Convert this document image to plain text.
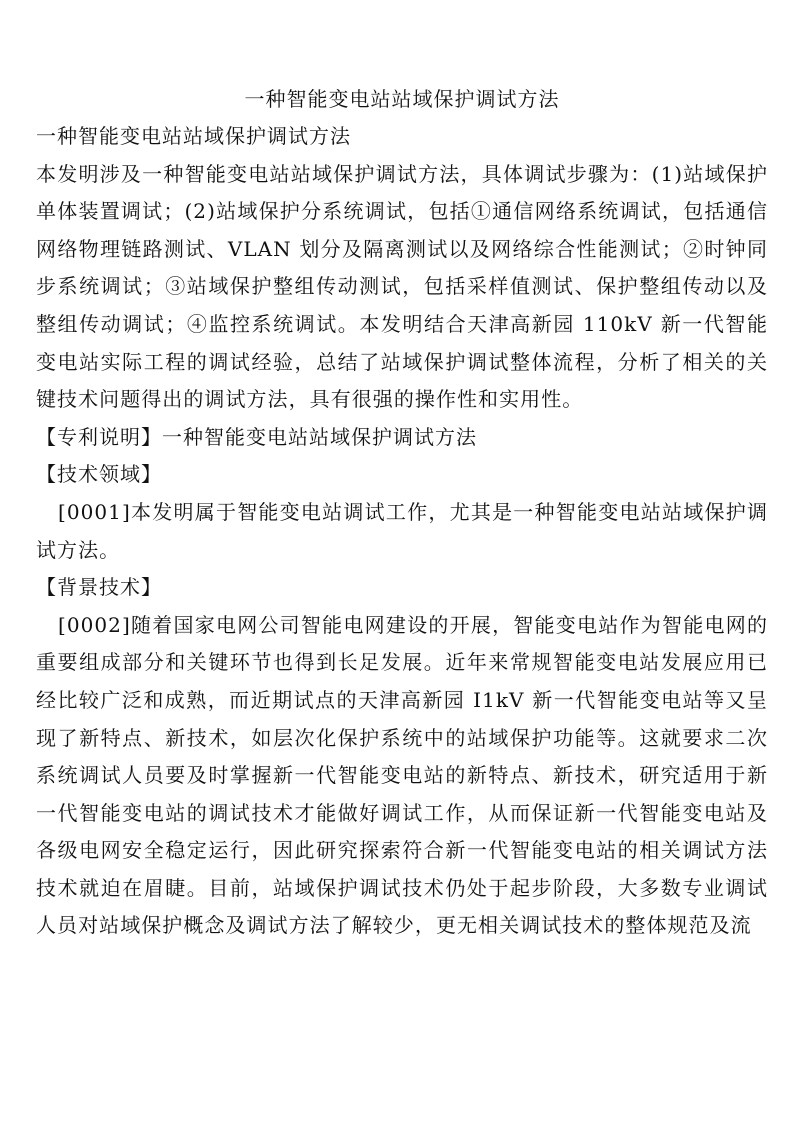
一种智能变电站站域保护调试方法

一种智能变电站站域保护调试方法

本发明涉及一种智能变电站站域保护调试方法，具体调试步骤为：(1)站域保护单体装置调试；(2)站域保护分系统调试，包括①通信网络系统调试，包括通信网络物理链路测试、VLAN 划分及隔离测试以及网络综合性能测试；②时钟同步系统调试；③站域保护整组传动测试，包括采样值测试、保护整组传动以及整组传动调试；④监控系统调试。本发明结合天津高新园 110kV 新一代智能变电站实际工程的调试经验，总结了站域保护调试整体流程，分析了相关的关键技术问题得出的调试方法，具有很强的操作性和实用性。

【专利说明】一种智能变电站站域保护调试方法

【技术领域】

[0001]本发明属于智能变电站调试工作，尤其是一种智能变电站站域保护调试方法。

【背景技术】

[0002]随着国家电网公司智能电网建设的开展，智能变电站作为智能电网的重要组成部分和关键环节也得到长足发展。近年来常规智能变电站发展应用已经比较广泛和成熟，而近期试点的天津高新园 I1kV 新一代智能变电站等又呈现了新特点、新技术，如层次化保护系统中的站域保护功能等。这就要求二次系统调试人员要及时掌握新一代智能变电站的新特点、新技术，研究适用于新一代智能变电站的调试技术才能做好调试工作，从而保证新一代智能变电站及各级电网安全稳定运行，因此研究探索符合新一代智能变电站的相关调试方法技术就迫在眉睫。目前，站域保护调试技术仍处于起步阶段，大多数专业调试人员对站域保护概念及调试方法了解较少，更无相关调试技术的整体规范及流
